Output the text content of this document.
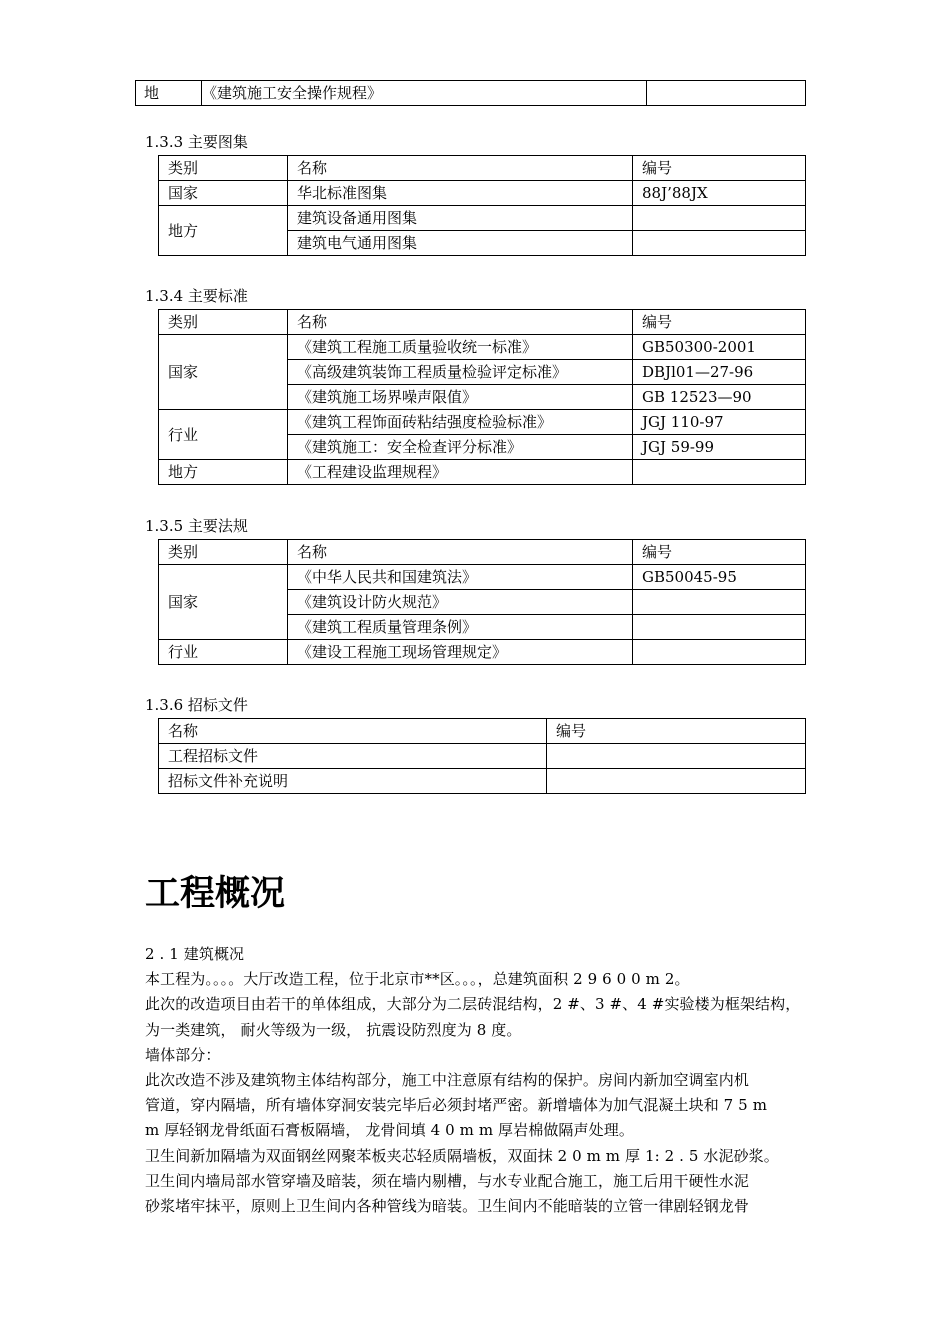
地	《建筑施工安全操作规程》	
1.3.3 主要图集
类别	名称	编号
国家	华北标准图集	88J’88JX
地方	建筑设备通用图集	
	建筑电气通用图集	
1.3.4 主要标准
类别	名称	编号
国家	《建筑工程施工质量验收统一标准》	GB50300-2001
	《高级建筑装饰工程质量检验评定标准》	DBJl01—27-96
	《建筑施工场界噪声限值》	GB 12523—90
行业	《建筑工程饰面砖粘结强度检验标准》	JGJ 110-97
	《建筑施工：安全检查评分标准》	JGJ 59-99
地方	《工程建设监理规程》	
1.3.5 主要法规
类别	名称	编号
国家	《中华人民共和国建筑法》	GB50045-95
	《建筑设计防火规范》	
	《建筑工程质量管理条例》	
行业	《建设工程施工现场管理规定》	
1.3.6 招标文件
名称	编号
工程招标文件	
招标文件补充说明	
工程概况
2 . 1 建筑概况
本工程为。。。。大厅改造工程，位于北京市**区。。。，总建筑面积 2 9 6 0 0 m 2。
此次的改造项目由若干的单体组成，大部分为二层砖混结构，2 #、3 #、4 #实验楼为框架结构，
为一类建筑， 耐火等级为一级， 抗震设防烈度为 8 度。
墙体部分：
此次改造不涉及建筑物主体结构部分，施工中注意原有结构的保护。房间内新加空调室内机
管道，穿内隔墙，所有墙体穿洞安装完毕后必须封堵严密。新增墙体为加气混凝土块和 7 5 m
m 厚轻钢龙骨纸面石膏板隔墙， 龙骨间填 4 0 m m 厚岩棉做隔声处理。
卫生间新加隔墙为双面钢丝网聚苯板夹芯轻质隔墙板，双面抹 2 0 m m 厚 1: 2 . 5 水泥砂浆。
卫生间内墙局部水管穿墙及暗装，须在墙内剔槽，与水专业配合施工，施工后用干硬性水泥
砂浆堵牢抹平，原则上卫生间内各种管线为暗装。卫生间内不能暗装的立管一律剧轻钢龙骨
